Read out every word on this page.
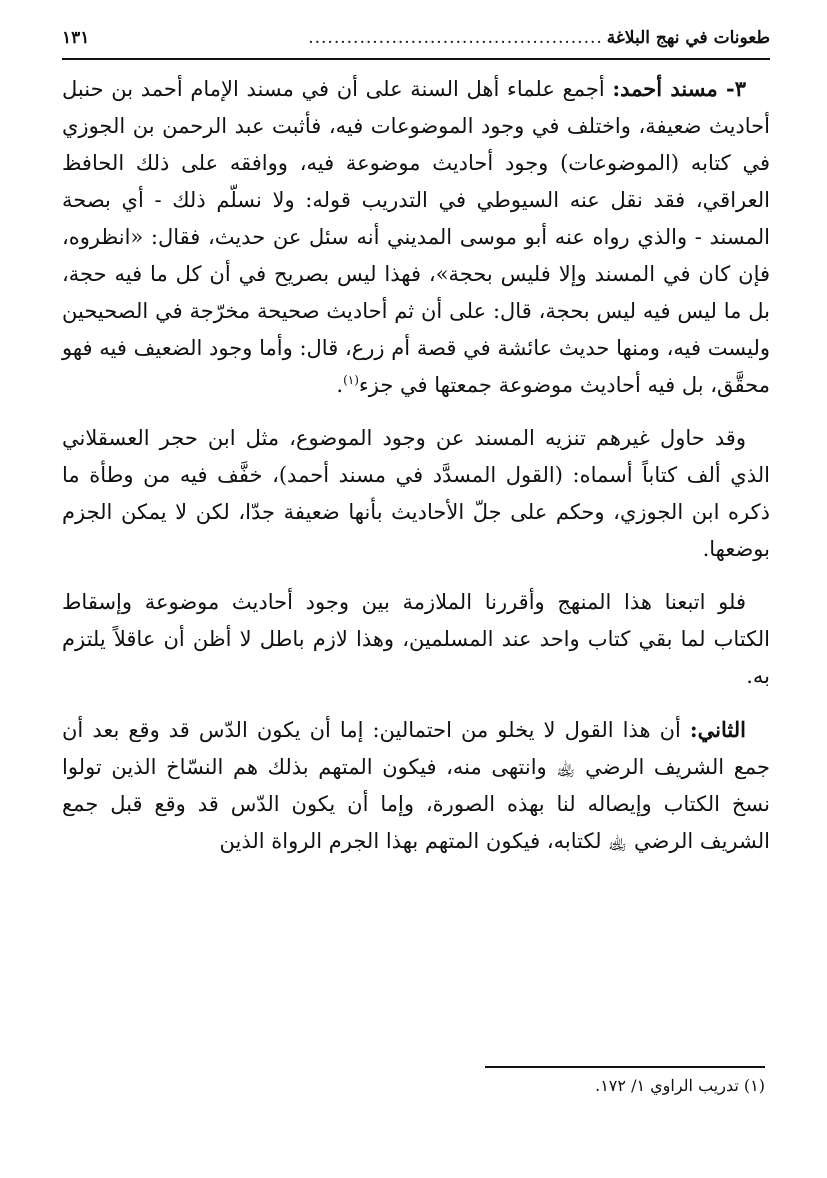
طعونات في نهج البلاغة
..............................................
١٣١

٣- مسند أحمد: أجمع علماء أهل السنة على أن في مسند الإمام أحمد بن حنبل أحاديث ضعيفة، واختلف في وجود الموضوعات فيه، فأثبت عبد الرحمن بن الجوزي في كتابه (الموضوعات) وجود أحاديث موضوعة فيه، ووافقه على ذلك الحافظ العراقي، فقد نقل عنه السيوطي في التدريب قوله: ولا نسلّم ذلك - أي بصحة المسند - والذي رواه عنه أبو موسى المديني أنه سئل عن حديث، فقال: «انظروه، فإن كان في المسند وإلا فليس بحجة»، فهذا ليس بصريح في أن كل ما فيه حجة، بل ما ليس فيه ليس بحجة، قال: على أن ثم أحاديث صحيحة مخرّجة في الصحيحين وليست فيه، ومنها حديث عائشة في قصة أم زرع، قال: وأما وجود الضعيف فيه فهو محقَّق، بل فيه أحاديث موضوعة جمعتها في جزء$^{(١)}$.

وقد حاول غيرهم تنزيه المسند عن وجود الموضوع، مثل ابن حجر العسقلاني الذي ألف كتاباً أسماه: (القول المسدَّد في مسند أحمد)، خفَّف فيه من وطأة ما ذكره ابن الجوزي، وحكم على جلّ الأحاديث بأنها ضعيفة جدّا، لكن لا يمكن الجزم بوضعها.

فلو اتبعنا هذا المنهج وأقررنا الملازمة بين وجود أحاديث موضوعة وإسقاط الكتاب لما بقي كتاب واحد عند المسلمين، وهذا لازم باطل لا أظن أن عاقلاً يلتزم به.

الثاني: أن هذا القول لا يخلو من احتمالين: إما أن يكون الدّس قد وقع بعد أن جمع الشريف الرضي ﵀ وانتهى منه، فيكون المتهم بذلك هم النسّاخ الذين تولوا نسخ الكتاب وإيصاله لنا بهذه الصورة، وإما أن يكون الدّس قد وقع قبل جمع الشريف الرضي ﵀ لكتابه، فيكون المتهم بهذا الجرم الرواة الذين

(١) تدريب الراوي ١/ ١٧٢.
